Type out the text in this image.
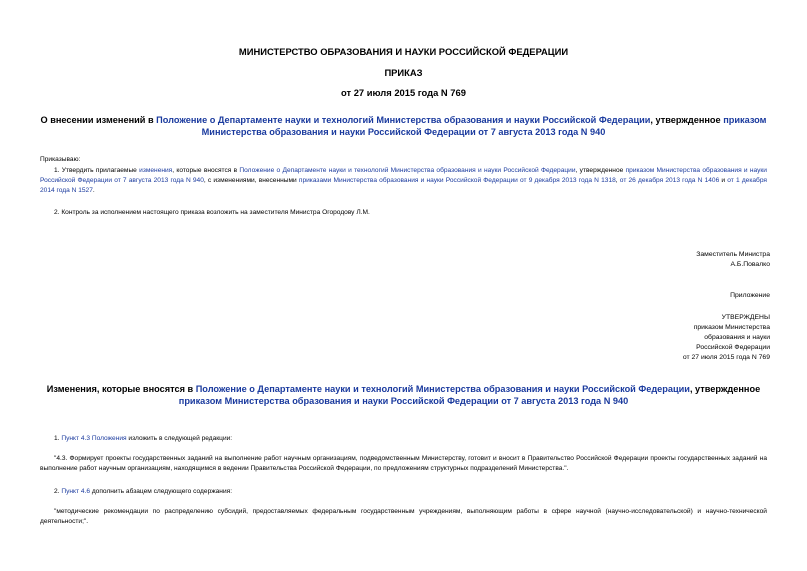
МИНИСТЕРСТВО ОБРАЗОВАНИЯ И НАУКИ РОССИЙСКОЙ ФЕДЕРАЦИИ
ПРИКАЗ
от 27 июля 2015 года N 769
О внесении изменений в Положение о Департаменте науки и технологий Министерства образования и науки Российской Федерации, утвержденное приказом
Министерства образования и науки Российской Федерации от 7 августа 2013 года N 940
Приказываю:
1. Утвердить прилагаемые изменения, которые вносятся в Положение о Департаменте науки и технологий Министерства образования и науки Российской Федерации, утвержденное приказом Министерства образования и науки Российской Федерации от 7 августа 2013 года N 940, с изменениями, внесенными приказами Министерства образования и науки Российской Федерации от 9 декабря 2013 года N 1318, от 26 декабря 2013 года N 1406 и от 1 декабря 2014 года N 1527.
2. Контроль за исполнением настоящего приказа возложить на заместителя Министра Огородову Л.М.
Заместитель Министра
А.Б.Повалко
Приложение
УТВЕРЖДЕНЫ
приказом Министерства
образования и науки
Российской Федерации
от 27 июля 2015 года N 769
Изменения, которые вносятся в Положение о Департаменте науки и технологий Министерства образования и науки Российской Федерации, утвержденное
приказом Министерства образования и науки Российской Федерации от 7 августа 2013 года N 940
1. Пункт 4.3 Положения изложить в следующей редакции:
"4.3. Формирует проекты государственных заданий на выполнение работ научным организациям, подведомственным Министерству, готовит и вносит в Правительство Российской Федерации проекты государственных заданий на выполнение работ научным организациям, находящимся в ведении Правительства Российской Федерации, по предложениям структурных подразделений Министерства.".
2. Пункт 4.6 дополнить абзацем следующего содержания:
"методические рекомендации по распределению субсидий, предоставляемых федеральным государственным учреждениям, выполняющим работы в сфере научной (научно-исследовательской) и научно-технической деятельности;".
